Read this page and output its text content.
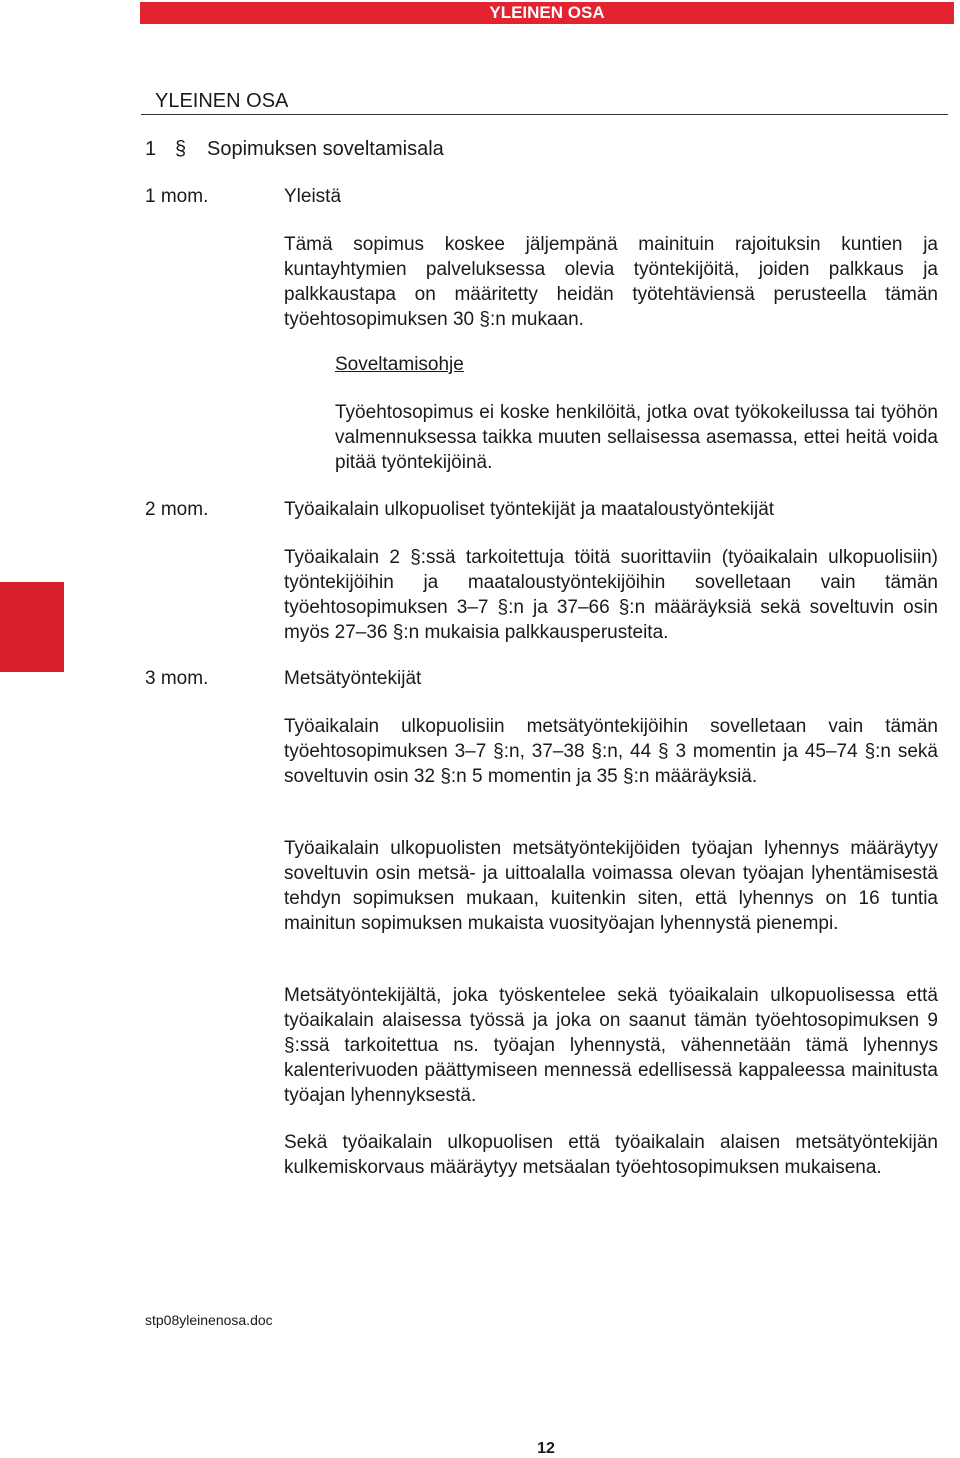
YLEINEN OSA
YLEINEN OSA
1 § Sopimuksen soveltamisala
1 mom.	Yleistä

Tämä sopimus koskee jäljempänä mainituin rajoituksin kuntien ja kuntayhtymien palveluksessa olevia työntekijöitä, joiden palkkaus ja palkkaustapa on määritetty heidän työtehtäviensä perusteella tämän työehtosopimuksen 30 §:n mukaan.

Soveltamisohje
Työehtosopimus ei koske henkilöitä, jotka ovat työkokeilussa tai työhön valmennuksessa taikka muuten sellaisessa asemassa, ettei heitä voida pitää työntekijöinä.
2 mom.	Työaikalain ulkopuoliset työntekijät ja maataloustyöntekijät

Työaikalain 2 §:ssä tarkoitettuja töitä suorittaviin (työaikalain ulkopuolisiin) työntekijöihin ja maataloustyöntekijöihin sovelletaan vain tämän työehtosopimuksen 3‒7 §:n ja 37‒66 §:n määräyksiä sekä soveltuvin osin myös 27‒36 §:n mukaisia palkkausperusteita.

3 mom.	Metsätyöntekijät

Työaikalain ulkopuolisiin metsätyöntekijöihin sovelletaan vain tämän työehtosopimuksen 3‒7 §:n, 37‒38 §:n, 44 § 3 momentin ja 45‒74 §:n sekä soveltuvin osin 32 §:n 5 momentin ja 35 §:n määräyksiä.

Työaikalain ulkopuolisten metsätyöntekijöiden työajan lyhennys määräytyy soveltuvin osin metsä- ja uittoalalla voimassa olevan työajan lyhentämisestä tehdyn sopimuksen mukaan, kuitenkin siten, että lyhennys on 16 tuntia mainitun sopimuksen mukaista vuosityöajan lyhennystä pienempi.

Metsätyöntekijältä, joka työskentelee sekä työaikalain ulkopuolisessa että työaikalain alaisessa työssä ja joka on saanut tämän työehtosopimuksen 9 §:ssä tarkoitettua ns. työajan lyhennystä, vähennetään tämä lyhennys kalenterivuoden päättymiseen mennessä edellisessä kappaleessa mainitusta työajan lyhennyksestä.

Sekä työaikalain ulkopuolisen että työaikalain alaisen metsätyöntekijän kulkemiskorvaus määräytyy metsäalan työehtosopimuksen mukaisena.

stp08yleinenosa.doc
12
